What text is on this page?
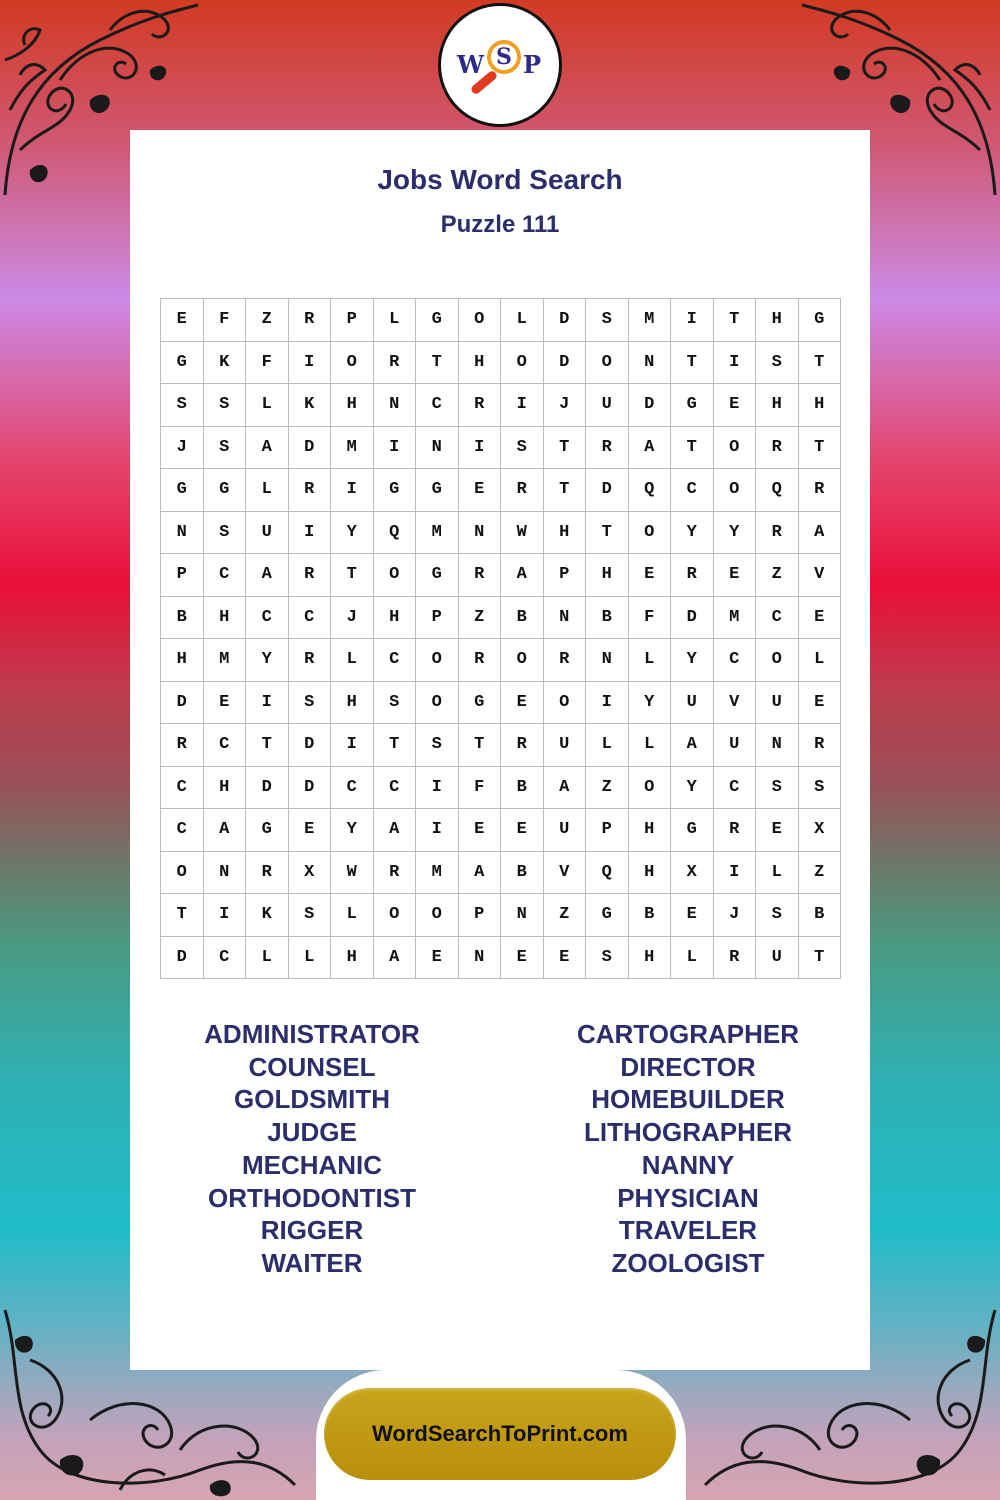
Jobs Word Search
Puzzle 111
E	F	Z	R	P	L	G	O	L	D	S	M	I	T	H	G
G	K	F	I	O	R	T	H	O	D	O	N	T	I	S	T
S	S	L	K	H	N	C	R	I	J	U	D	G	E	H	H
J	S	A	D	M	I	N	I	S	T	R	A	T	O	R	T
G	G	L	R	I	G	G	E	R	T	D	Q	C	O	Q	R
N	S	U	I	Y	Q	M	N	W	H	T	O	Y	Y	R	A
P	C	A	R	T	O	G	R	A	P	H	E	R	E	Z	V
B	H	C	C	J	H	P	Z	B	N	B	F	D	M	C	E
H	M	Y	R	L	C	O	R	O	R	N	L	Y	C	O	L
D	E	I	S	H	S	O	G	E	O	I	Y	U	V	U	E
R	C	T	D	I	T	S	T	R	U	L	L	A	U	N	R
C	H	D	D	C	C	I	F	B	A	Z	O	Y	C	S	S
C	A	G	E	Y	A	I	E	E	U	P	H	G	R	E	X
O	N	R	X	W	R	M	A	B	V	Q	H	X	I	L	Z
T	I	K	S	L	O	O	P	N	Z	G	B	E	J	S	B
D	C	L	L	H	A	E	N	E	E	S	H	L	R	U	T
ADMINISTRATOR
COUNSEL
GOLDSMITH
JUDGE
MECHANIC
ORTHODONTIST
RIGGER
WAITER
CARTOGRAPHER
DIRECTOR
HOMEBUILDER
LITHOGRAPHER
NANNY
PHYSICIAN
TRAVELER
ZOOLOGIST
W S P
WordSearchToPrint.com
